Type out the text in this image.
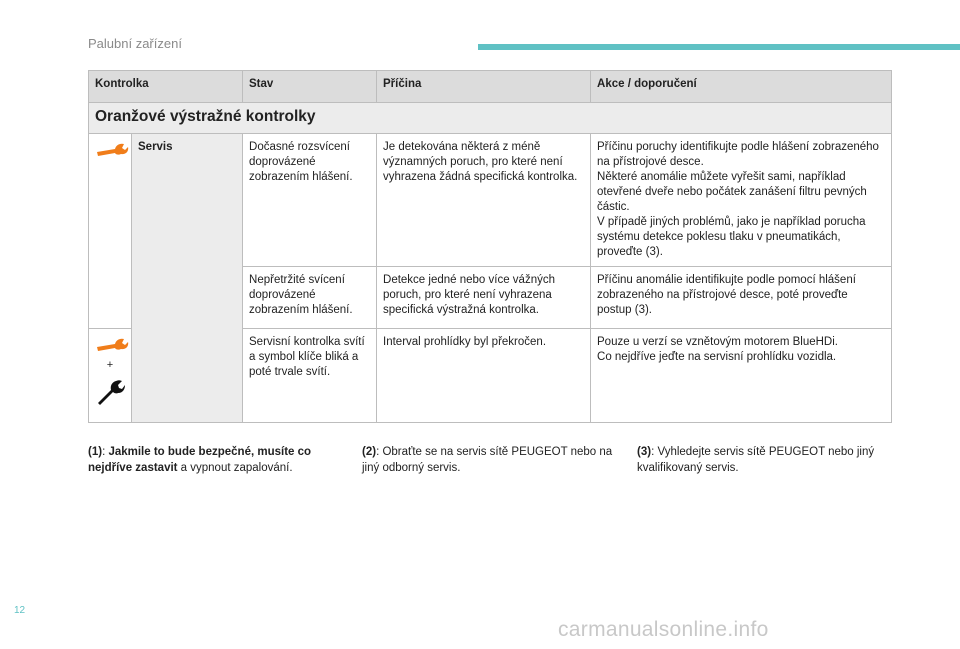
Palubní zařízení
Kontrolka		Stav	Příčina	Akce / doporučení
Oranžové výstražné kontrolky				

	Servis	Dočasné rozsvícení doprovázené zobrazením hlášení.	Je detekována některá z méně významných poruch, pro které není vyhrazena žádná specifická kontrolka.	Příčinu poruchy identifikujte podle hlášení zobrazeného na přístrojové desce.
Některé anomálie můžete vyřešit sami, například otevřené dveře nebo počátek zanášení filtru pevných částic.
V případě jiných problémů, jako je například porucha systému detekce poklesu tlaku v pneumatikách, proveďte (3).
		Nepřetržité svícení doprovázené zobrazením hlášení.	Detekce jedné nebo více vážných poruch, pro které není vyhrazena specifická výstražná kontrolka.	Příčinu anomálie identifikujte podle pomocí hlášení zobrazeného na přístrojové desce, poté proveďte postup (3).

+		Servisní kontrolka svítí a symbol klíče bliká a poté trvale svítí.	Interval prohlídky byl překročen.	Pouze u verzí se vznětovým motorem BlueHDi.
Co nejdříve jeďte na servisní prohlídku vozidla.
(1): Jakmile to bude bezpečné, musíte co nejdříve zastavit a vypnout zapalování.
(2): Obraťte se na servis sítě PEUGEOT nebo na jiný odborný servis.
(3): Vyhledejte servis sítě PEUGEOT nebo jiný kvalifikovaný servis.
12
carmanualsonline.info
